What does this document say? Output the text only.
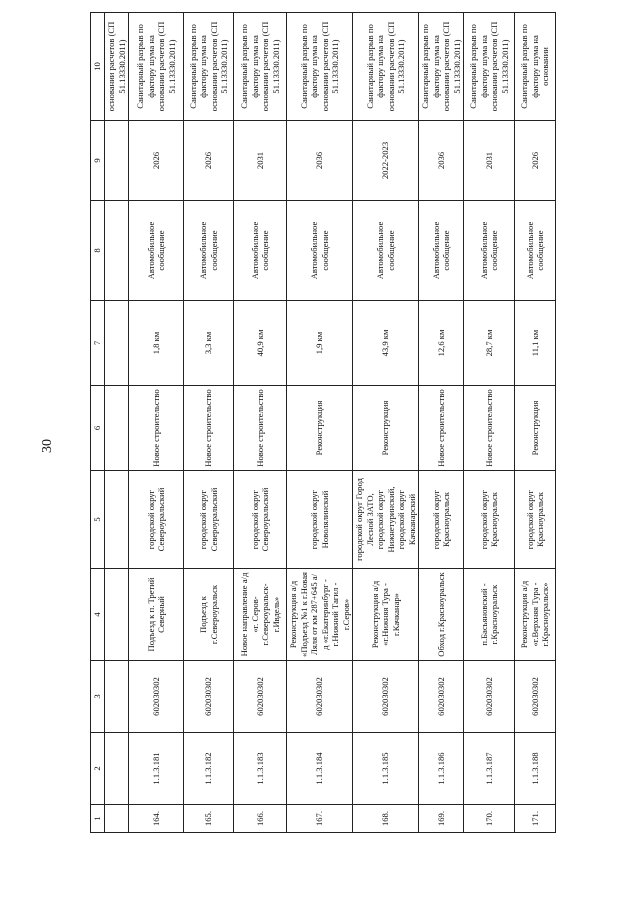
30
1	2	3	4	5	6	7	8	9	10
									основании расчетов (СП 51.13330.2011)
164.	1.1.3.181	602030302	Подъезд к п. Третий Северный	городской округ Североуральский	Новое строительство	1,8 км	Автомобильное сообщение	2026	Санитарный разрыв по фактору шума на основании расчетов (СП 51.13330.2011)
165.	1.1.3.182	602030302	Подъезд к г.Североуральск	городской округ Североуральский	Новое строительство	3,3 км	Автомобильное сообщение	2026	Санитарный разрыв по фактору шума на основании расчетов (СП 51.13330.2011)
166.	1.1.3.183	602030302	Новое направление а/д «г. Серов-г.Североуральск-г.Ивдель»	городской округ Североуральский	Новое строительство	40,9 км	Автомобильное сообщение	2031	Санитарный разрыв по фактору шума на основании расчетов (СП 51.13330.2011)
167.	1.1.3.184	602030302	Реконструкция а/д «Подъезд №1 к г.Новая Ляля от км 287+645 а/д «г.Екатеринбург - г.Нижний Тагил - г.Серов»	городской округ Новолялинский	Реконструкция	1,9 км	Автомобильное сообщение	2036	Санитарный разрыв по фактору шума на основании расчетов (СП 51.13330.2011)
168.	1.1.3.185	602030302	Реконструкция а/д «г.Нижняя Тура - г.Качканар»	городской округ Город Лесной ЗАТО, городской округ Нижнетуринский, городской округ Качканарский	Реконструкция	43,9 км	Автомобильное сообщение	2022-2023	Санитарный разрыв по фактору шума на основании расчетов (СП 51.13330.2011)
169.	1.1.3.186	602030302	Обход г.Красноуральск	городской округ Красноуральск	Новое строительство	12,6 км	Автомобильное сообщение	2036	Санитарный разрыв по фактору шума на основании расчетов (СП 51.13330.2011)
170.	1.1.3.187	602030302	п.Басьяновский - г.Красноуральск	городской округ Красноуральск	Новое строительство	28,7 км	Автомобильное сообщение	2031	Санитарный разрыв по фактору шума на основании расчетов (СП 51.13330.2011)
171.	1.1.3.188	602030302	Реконструкция а/д «г.Верхняя Тура - г.Красноуральск»	городской округ Красноуральск	Реконструкция	11,1 км	Автомобильное сообщение	2026	Санитарный разрыв по фактору шума на основании
